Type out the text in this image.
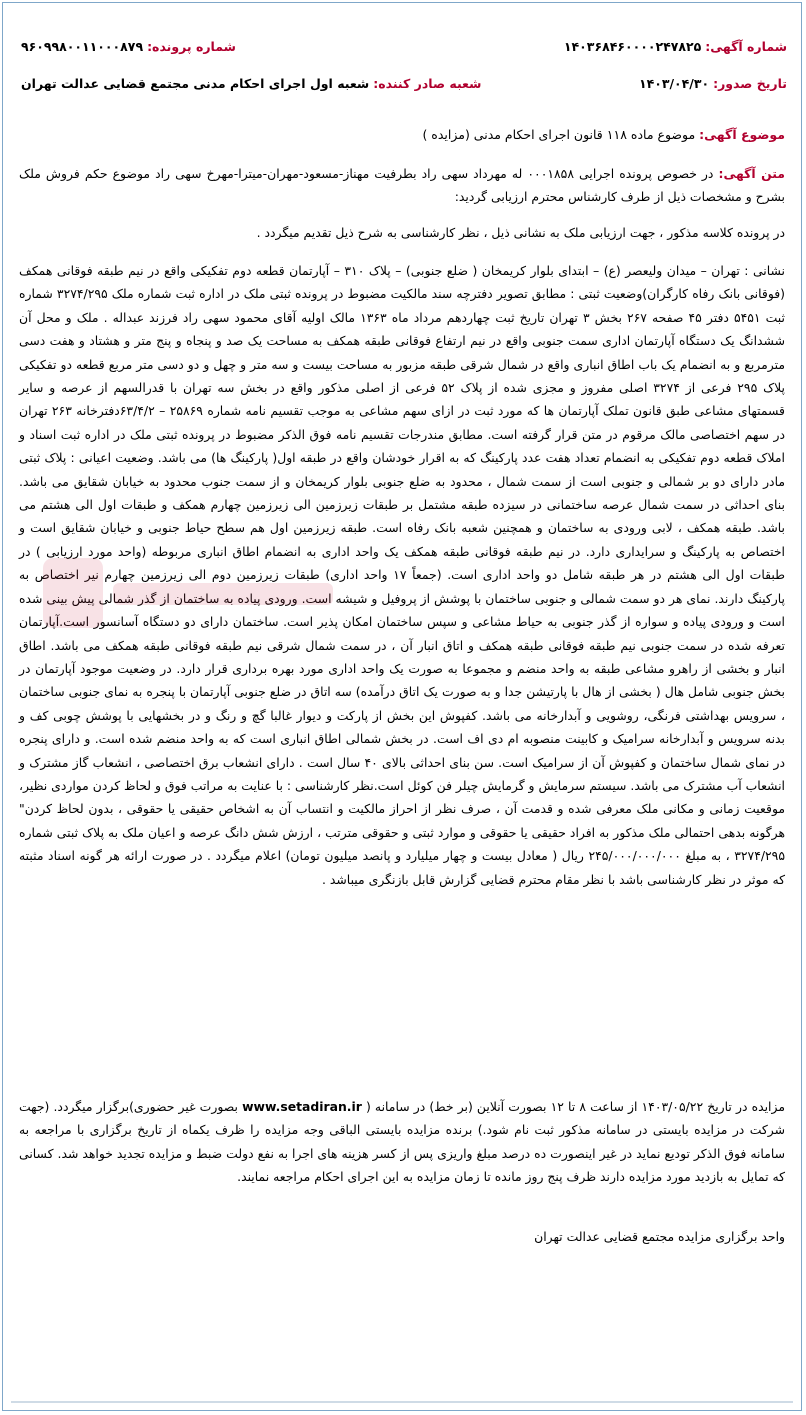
شماره آگهی: ۱۴۰۳۶۸۴۶۰۰۰۰۲۴۷۸۲۵
شماره پرونده: ۹۶۰۹۹۸۰۰۱۱۰۰۰۸۷۹
تاریخ صدور: ۱۴۰۳/۰۴/۳۰
شعبه صادر کننده: شعبه اول اجرای احکام مدنی مجتمع قضایی عدالت تهران
موضوع آگهی: موضوع ماده ۱۱۸ قانون اجرای احکام مدنی (مزایده )
متن آگهی: در خصوص پرونده اجرایی ۰۰۰۱۸۵۸ له مهرداد سهی راد بطرفیت مهناز-مسعود-مهران-میترا-مهرخ سهی راد موضوع حکم فروش ملک بشرح و مشخصات ذیل از طرف کارشناس محترم ارزیابی گردید:
در پرونده کلاسه مذکور ، جهت ارزیابی ملک به نشانی ذیل ، نظر کارشناسی به شرح ذیل تقدیم میگردد .
نشانی : تهران – میدان ولیعصر (ع) – ابتدای بلوار کریمخان ( ضلع جنوبی) – پلاک ۳۱۰ – آپارتمان قطعه دوم تفکیکی واقع در نیم طبقه فوقانی همکف (فوقانی بانک رفاه کارگران)وضعیت ثبتی : مطابق تصویر دفترچه سند مالکیت مضبوط در پرونده ثبتی ملک در اداره ثبت شماره ملک ۳۲۷۴/۲۹۵ شماره ثبت ۵۴۵۱ دفتر ۴۵ صفحه ۲۶۷ بخش ۳ تهران تاریخ ثبت چهاردهم مرداد ماه ۱۳۶۳ مالک اولیه آقای محمود سهی راد فرزند عبداله . ملک و محل آن ششدانگ یک دستگاه آپارتمان اداری سمت جنوبی واقع در نیم ارتفاع فوقانی طبقه همکف به مساحت یک صد و پنجاه و پنج متر و هشتاد و هفت دسی مترمربع و به انضمام یک باب اطاق انباری واقع در شمال شرقی طبقه مزبور به مساحت بیست و سه متر و چهل و دو دسی متر مربع قطعه دو تفکیکی پلاک ۲۹۵ فرعی از ۳۲۷۴ اصلی مفروز و مجزی شده از پلاک ۵۲ فرعی از اصلی مذکور واقع در بخش سه تهران با قدرالسهم از عرصه و سایر قسمتهای مشاعی طبق قانون تملک آپارتمان ها که مورد ثبت در ازای سهم مشاعی به موجب تقسیم نامه شماره ۲۵۸۶۹ – ۶۳/۴/۲دفترخانه ۲۶۳ تهران در سهم اختصاصی مالک مرقوم در متن قرار گرفته است. مطابق مندرجات تقسیم نامه فوق الذکر مضبوط در پرونده ثبتی ملک در اداره ثبت اسناد و املاک قطعه دوم تفکیکی به انضمام تعداد هفت عدد پارکینگ که به اقرار خودشان واقع در طبقه اول( پارکینگ ها) می باشد. وضعیت اعیانی : پلاک ثبتی مادر دارای دو بر شمالی و جنوبی است از سمت شمال ، محدود به ضلع جنوبی بلوار کریمخان و از سمت جنوب محدود به خیابان شقایق می باشد. بنای احداثی در سمت شمال عرصه ساختمانی در سیزده طبقه مشتمل بر طبقات زیرزمین الی زیرزمین چهارم همکف و طبقات اول الی هشتم می باشد. طبقه همکف ، لابی ورودی به ساختمان و همچنین شعبه بانک رفاه است. طبقه زیرزمین اول هم سطح حیاط جنوبی و خیابان شقایق است و اختصاص به پارکینگ و سرایداری دارد. در نیم طبقه فوقانی طبقه همکف یک واحد اداری به انضمام اطاق انباری مربوطه (واحد مورد ارزیابی ) در طبقات اول الی هشتم در هر طبقه شامل دو واحد اداری است. (جمعاً ۱۷ واحد اداری) طبقات زیرزمین دوم الی زیرزمین چهارم نیر اختصاص به پارکینگ دارند. نمای هر دو سمت شمالی و جنوبی ساختمان با پوشش از پروفیل و شیشه است. ورودی پیاده به ساختمان از گذر شمالی پیش بینی شده است و ورودی پیاده و سواره از گذر جنوبی به حیاط مشاعی و سپس ساختمان امکان پذیر است. ساختمان دارای دو دستگاه آسانسور است.آپارتمان تعرفه شده در سمت جنوبی نیم طبقه فوقانی طبقه همکف و اتاق انبار آن ، در سمت شمال شرقی نیم طبقه فوقانی طبقه همکف می باشد. اطاق انبار و بخشی از راهرو مشاعی طبقه به واحد منضم و مجموعا به صورت یک واحد اداری مورد بهره برداری قرار دارد. در وضعیت موجود آپارتمان در بخش جنوبی شامل هال ( بخشی از هال با پارتیشن جدا و به صورت یک اتاق درآمده) سه اتاق در ضلع جنوبی آپارتمان با پنجره به نمای جنوبی ساختمان ، سرویس بهداشتی فرنگی، روشویی و آبدارخانه می باشد. کفپوش این بخش از پارکت و دیوار غالبا گچ و رنگ و در بخشهایی با پوشش چوبی کف و بدنه سرویس و آبدارخانه سرامیک و کابینت منصوبه ام دی اف است. در بخش شمالی اطاق انباری است که به واحد منضم شده است. و دارای پنجره در نمای شمال ساختمان و کفپوش آن از سرامیک است. سن بنای احداثی بالای ۴۰ سال است . دارای انشعاب برق اختصاصی ، انشعاب گاز مشترک و انشعاب آب مشترک می باشد. سیستم سرمایش و گرمایش چیلر فن کوئل است.نظر کارشناسی : با عنایت به مراتب فوق و لحاظ کردن مواردی نظیر، موقعیت زمانی و مکانی ملک معرفی شده و قدمت آن ، صرف نظر از احراز مالکیت و انتساب آن به اشخاص حقیقی یا حقوقی ، بدون لحاظ کردن" هرگونه بدهی احتمالی ملک مذکور به افراد حقیقی یا حقوقی و موارد ثبتی و حقوقی مترتب ، ارزش شش دانگ عرصه و اعیان ملک به پلاک ثبتی شماره ۳۲۷۴/۲۹۵ ، به مبلغ ۲۴۵/۰۰۰/۰۰۰/۰۰۰ ریال ( معادل بیست و چهار میلیارد و پانصد میلیون تومان) اعلام میگردد . در صورت ارائه هر گونه اسناد مثبته که موثر در نظر کارشناسی باشد با نظر مقام محترم قضایی گزارش قابل بازنگری میباشد .
مزایده در تاریخ ۱۴۰۳/۰۵/۲۲ از ساعت ۸ تا ۱۲ بصورت آنلاین (بر خط) در سامانه ( www.setadiran.ir بصورت غیر حضوری)برگزار میگردد. (جهت شرکت در مزایده بایستی در سامانه مذکور ثبت نام شود.) برنده مزایده بایستی الباقی وجه مزایده را ظرف یکماه از تاریخ برگزاری با مراجعه به سامانه فوق الذکر تودیع نماید در غیر اینصورت ده درصد مبلغ واریزی پس از کسر هزینه های اجرا به نفع دولت ضبط و مزایده تجدید خواهد شد. کسانی که تمایل به بازدید مورد مزایده دارند ظرف پنج روز مانده تا زمان مزایده به این اجرای احکام مراجعه نمایند.
واحد برگزاری مزایده مجتمع قضایی عدالت تهران
